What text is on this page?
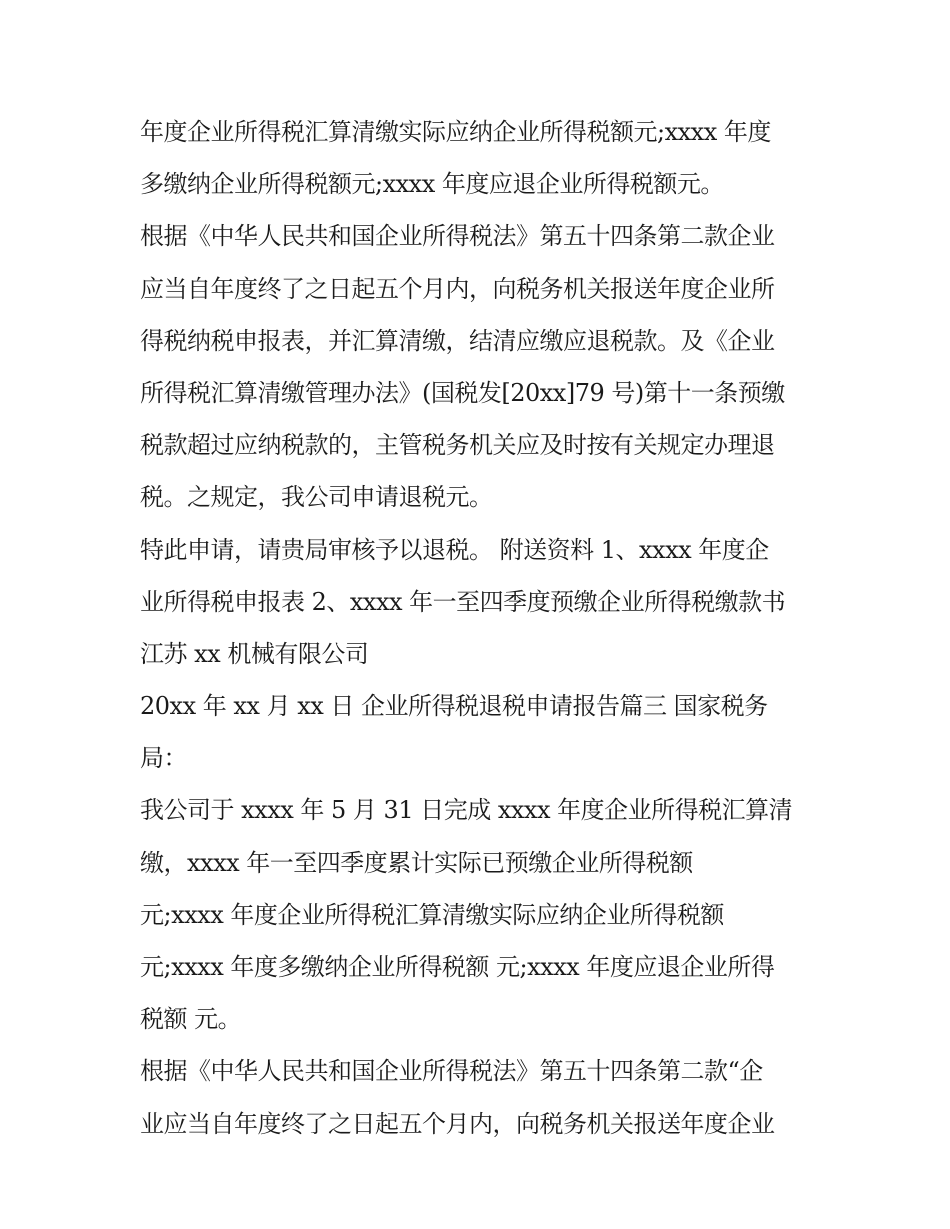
年度企业所得税汇算清缴实际应纳企业所得税额元;xxxx 年度
多缴纳企业所得税额元;xxxx 年度应退企业所得税额元。
根据《中华人民共和国企业所得税法》第五十四条第二款企业
应当自年度终了之日起五个月内，向税务机关报送年度企业所
得税纳税申报表，并汇算清缴，结清应缴应退税款。及《企业
所得税汇算清缴管理办法》(国税发[20xx]79 号)第十一条预缴
税款超过应纳税款的，主管税务机关应及时按有关规定办理退
税。之规定，我公司申请退税元。
特此申请，请贵局审核予以退税。 附送资料 1、xxxx 年度企
业所得税申报表 2、xxxx 年一至四季度预缴企业所得税缴款书
江苏 xx 机械有限公司
20xx 年 xx 月 xx 日 企业所得税退税申请报告篇三 国家税务
局：
我公司于 xxxx 年 5 月 31 日完成 xxxx 年度企业所得税汇算清
缴，xxxx 年一至四季度累计实际已预缴企业所得税额
元;xxxx 年度企业所得税汇算清缴实际应纳企业所得税额
元;xxxx 年度多缴纳企业所得税额 元;xxxx 年度应退企业所得
税额 元。
根据《中华人民共和国企业所得税法》第五十四条第二款“企
业应当自年度终了之日起五个月内，向税务机关报送年度企业
